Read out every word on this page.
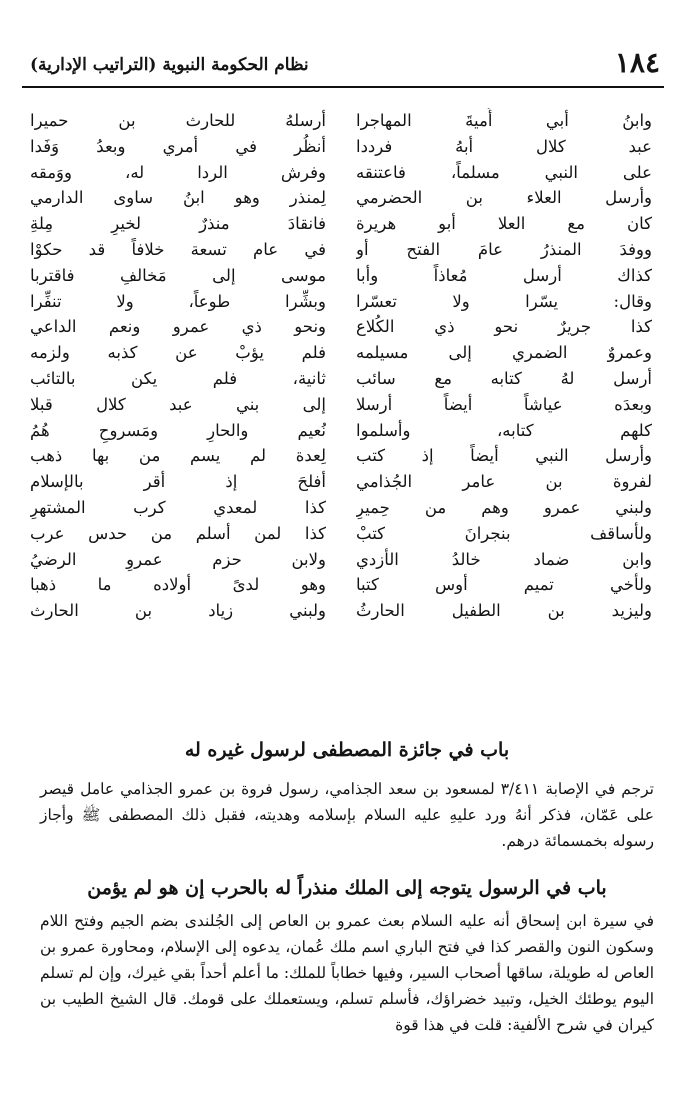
١٨٤
نظام الحكومة النبوية (التراتيب الإدارية)
وابنُ أبي أُميةَ المهاجرا
عبد كلال أبهُ فرددا
على النبي مسلماً، فاعتنقه
وأرسل العلاء بن الحضرمي
كان مع العلا أبو هريرة
ووفدَ المنذرُ عامَ الفتح أو
كذاك أرسل مُعاذاً وأبا
وقال: يسّرا ولا تعسّرا
كذا جريرٌ نحو ذي الكُلاع
وعمروٌ الضمري إلى مسيلمه
أرسل لهُ كتابه مع سائب
وبعدَه عياشاً أيضاً أرسلا
كلهم كتابه، وأسلموا
وأرسل النبي أيضاً إذ كتب
لفروة بن عامر الجُذامي
ولبني عمرو وهم من حِميرِ
ولأساقف بنجرانَ كتبْ
وابن ضماد خالدُ الأزدي
ولأخي تميم أوس كتبا
وليزيد بن الطفيل الحارثُ
أرسلهُ للحارث بن حميرا
أنظُر في أمري وبعدُ وَفَدا
وفرش الردا له، ووَمقه
لِمنذر وهو ابنُ ساوى الدارمي
فانقادَ منذرٌ لخيرِ مِلةِ
في عام تسعة خلافاً قد حكوْا
موسى إلى مَخالفِ فاقتربا
وبشِّرا طوعاً، ولا تنفِّرا
ونحو ذي عمرو ونعم الداعي
فلم يؤبْ عن كذبه ولزمه
ثانية، فلم يكن بالتائب
إلى بني عبد كلال قبلا
نُعيم والحارِ ومَسروحٍ هُمُ
لِعدة لم يسم من بها ذهب
أفلحَ إذ أقر بالإسلام
كذا لمعدي كرب المشتهرِ
كذا لمن أسلم من حدس عرب
ولابن حزم عمروِ الرضيُ
وهو لدىً أولاده ما ذهبا
ولبني زياد بن الحارث
باب في جائزة المصطفى لرسول غيره له

ترجم في الإصابة ٣/٤١١ لمسعود بن سعد الجذامي، رسول فروة بن عمرو الجذامي عامل قيصر على عَمّان، فذكر أنهُ ورد عليهِ عليه السلام بإسلامه وهديته، فقبل ذلك المصطفى ﷺ وأجاز رسوله بخمسمائة درهم.

باب في الرسول يتوجه إلى الملك منذراً له بالحرب إن هو لم يؤمن

في سيرة ابن إسحاق أنه عليه السلام بعث عمرو بن العاص إلى الجُلندى بضم الجيم وفتح اللام وسكون النون والقصر كذا في فتح الباري اسم ملك عُمان، يدعوه إلى الإسلام، ومحاورة عمرو بن العاص له طويلة، ساقها أصحاب السير، وفيها خطاباً للملك: ما أعلم أحداً بقي غيرك، وإن لم تسلم اليوم يوطئك الخيل، وتبيد خضراؤك، فأسلم تسلم، ويستعملك على قومك. قال الشيخ الطيب بن كيران في شرح الألفية: قلت في هذا قوة
